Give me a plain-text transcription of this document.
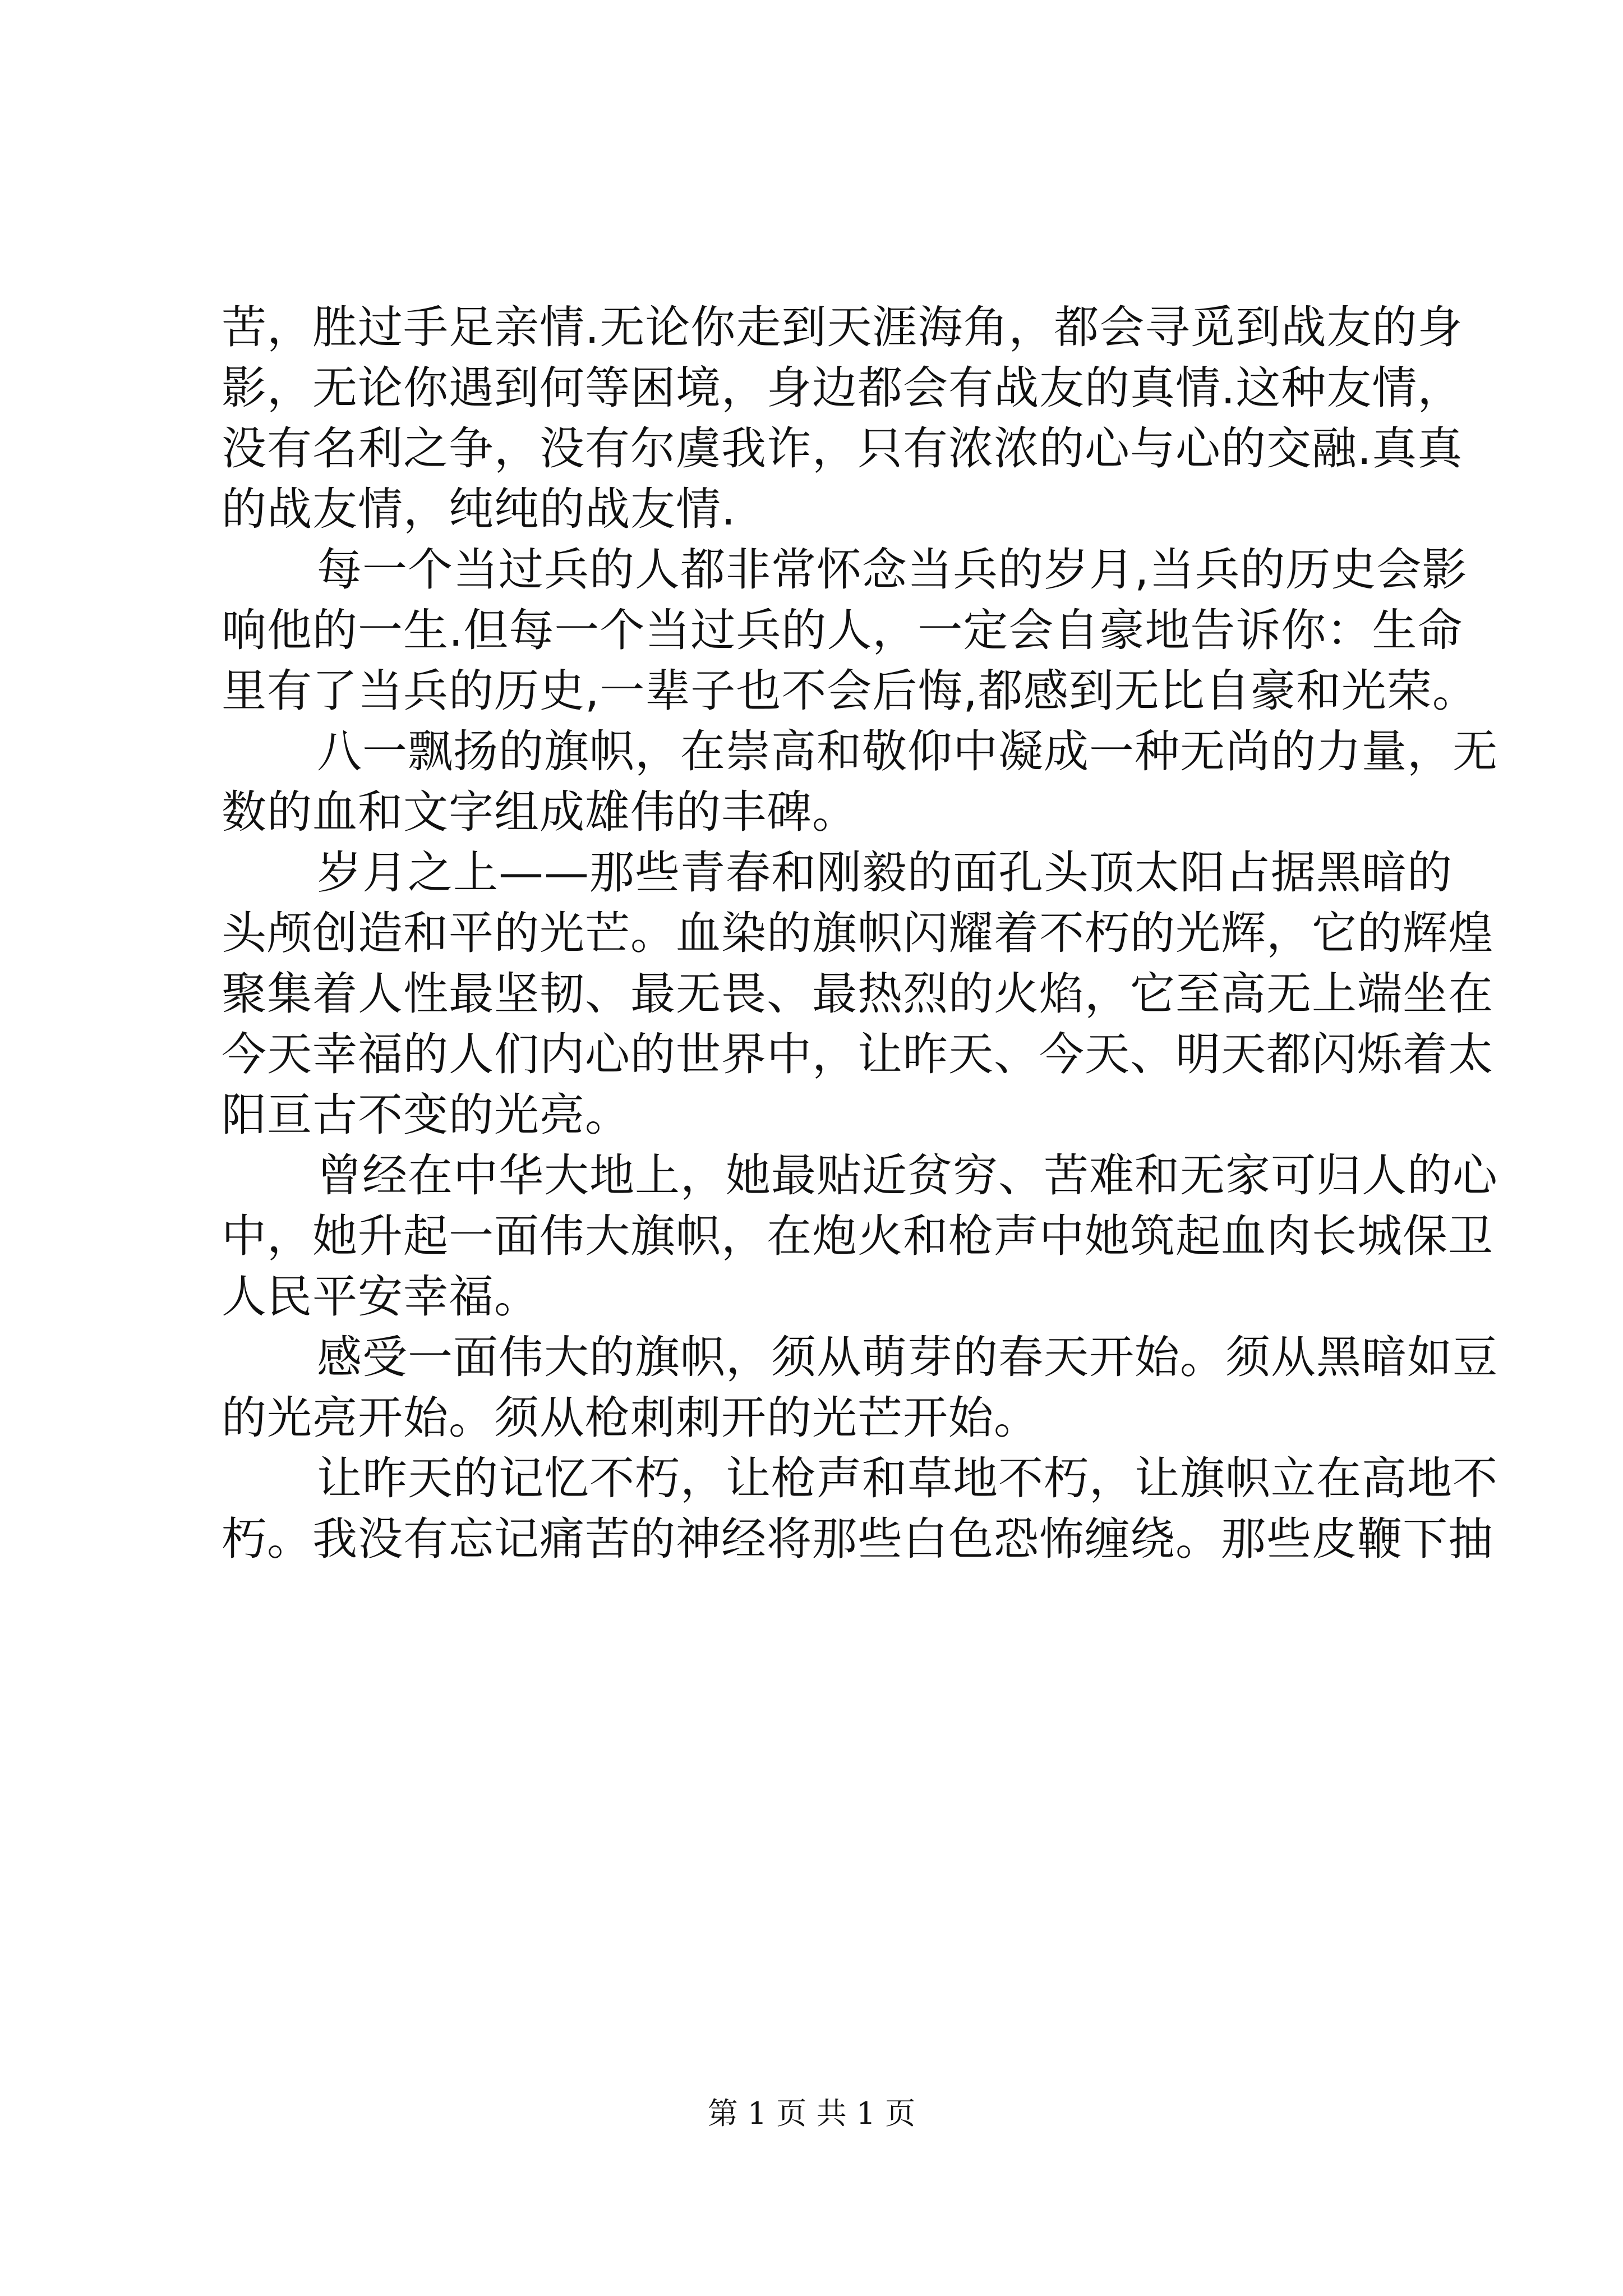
苦，胜过手足亲情.无论你走到天涯海角，都会寻觅到战友的身
影，无论你遇到何等困境，身边都会有战友的真情.这种友情，
没有名利之争，没有尔虞我诈，只有浓浓的心与心的交融.真真
的战友情，纯纯的战友情.
每一个当过兵的人都非常怀念当兵的岁月,当兵的历史会影
响他的一生.但每一个当过兵的人，一定会自豪地告诉你：生命
里有了当兵的历史,一辈子也不会后悔,都感到无比自豪和光荣。
八一飘扬的旗帜，在崇高和敬仰中凝成一种无尚的力量，无
数的血和文字组成雄伟的丰碑。
岁月之上——那些青春和刚毅的面孔头顶太阳占据黑暗的
头颅创造和平的光芒。血染的旗帜闪耀着不朽的光辉，它的辉煌
聚集着人性最坚韧、最无畏、最热烈的火焰，它至高无上端坐在
今天幸福的人们内心的世界中，让昨天、今天、明天都闪烁着太
阳亘古不变的光亮。
曾经在中华大地上，她最贴近贫穷、苦难和无家可归人的心
中，她升起一面伟大旗帜，在炮火和枪声中她筑起血肉长城保卫
人民平安幸福。
感受一面伟大的旗帜，须从萌芽的春天开始。须从黑暗如豆
的光亮开始。须从枪刺刺开的光芒开始。
让昨天的记忆不朽，让枪声和草地不朽，让旗帜立在高地不
朽。我没有忘记痛苦的神经将那些白色恐怖缠绕。那些皮鞭下抽
第 1 页 共 1 页
